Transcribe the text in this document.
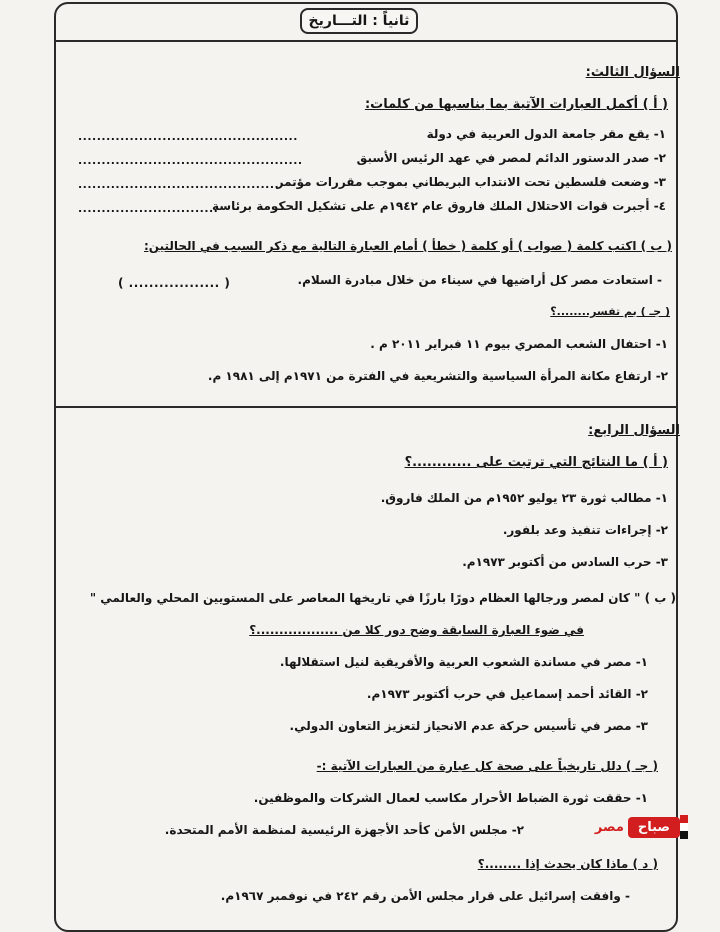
ثانياً : التـــاريخ
السؤال الثالث:
( أ ) أكمل العبارات الآتية بما يناسبها من كلمات:
١- يقع مقر جامعة الدول العربية في دولة
...............................................
٢- صدر الدستور الدائم لمصر في عهد الرئيس الأسبق
................................................
٣- وضعت فلسطين تحت الانتداب البريطاني بموجب مقررات مؤتمر
...........................................
٤- أجبرت قوات الاحتلال الملك فاروق عام ١٩٤٢م على تشكيل الحكومة برئاسة
..............................
( ب ) اكتب كلمة ( صواب ) أو كلمة ( خطأ ) أمام العبارة التالية مع ذكر السبب في الحالتين:
- استعادت مصر كل أراضيها في سيناء من خلال مبادرة السلام.
( .................. )
( جـ ) بم تفسر........؟
١- احتفال الشعب المصري بيوم ١١ فبراير ٢٠١١ م .
٢- ارتفاع مكانة المرأة السياسية والتشريعية في الفترة من ١٩٧١م إلى ١٩٨١ م.
السؤال الرابع:
( أ ) ما النتائج التي ترتبت على ............؟
١- مطالب ثورة ٢٣ يوليو ١٩٥٢م من الملك فاروق.
٢- إجراءات تنفيذ وعد بلفور.
٣- حرب السادس من أكتوبر ١٩٧٣م.
( ب ) " كان لمصر ورجالها العظام دورًا بارزًا في تاريخها المعاصر على المستويين المحلي والعالمي "
في ضوء العبارة السابقة وضح دور كلا من ..................؟
١- مصر في مساندة الشعوب العربية والأفريقية لنيل استقلالها.
٢- القائد أحمد إسماعيل في حرب أكتوبر ١٩٧٣م.
٣- مصر في تأسيس حركة عدم الانحياز لتعزيز التعاون الدولي.
( جـ ) دلل تاريخياً على صحة كل عبارة من العبارات الآتية :-
١- حققت ثورة الضباط الأحرار مكاسب لعمال الشركات والموظفين.
٢- مجلس الأمن كأحد الأجهزة الرئيسية لمنظمة الأمم المتحدة.	صباح
مصر
( د ) ماذا كان يحدث إذا ........؟
- وافقت إسرائيل على قرار مجلس الأمن رقم ٢٤٢ في نوفمبر ١٩٦٧م.
